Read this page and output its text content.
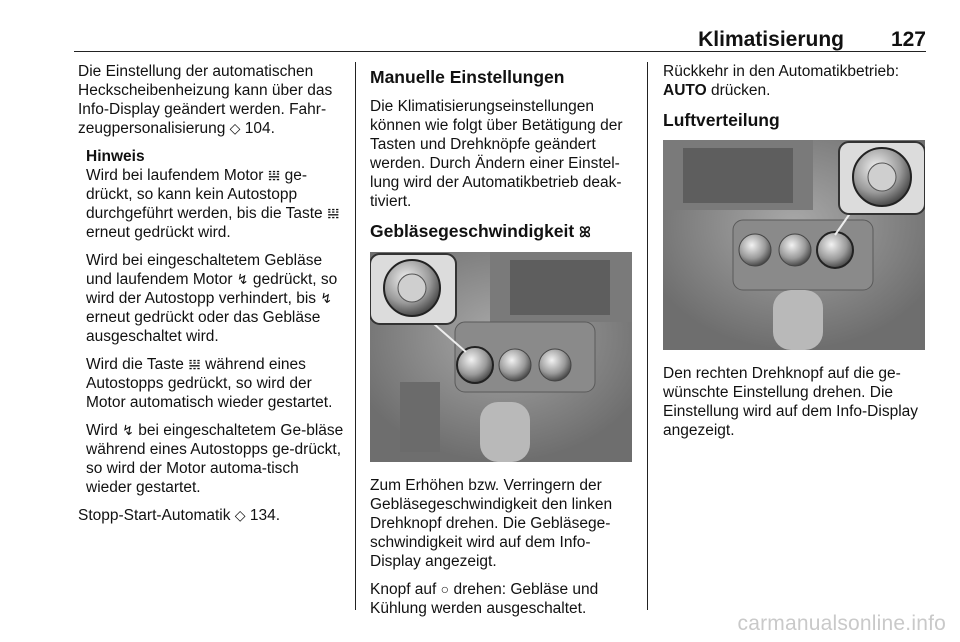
Klimatisierung 127

Die Einstellung der automatischen Heckscheibenheizung kann über das Info-Display geändert werden. Fahr-zeugpersonalisierung ◇ 104.

Hinweis

Wird bei laufendem Motor 𝍐 ge-drückt, so kann kein Autostopp durchgeführt werden, bis die Taste 𝍐 erneut gedrückt wird.

Wird bei eingeschaltetem Gebläse und laufendem Motor ↯ gedrückt, so wird der Autostopp verhindert, bis ↯ erneut gedrückt oder das Gebläse ausgeschaltet wird.

Wird die Taste 𝍐 während eines Autostopps gedrückt, so wird der Motor automatisch wieder gestartet.

Wird ↯ bei eingeschaltetem Ge-bläse während eines Autostopps ge-drückt, so wird der Motor automa-tisch wieder gestartet.

Stopp-Start-Automatik ◇ 134.

Manuelle Einstellungen

Die Klimatisierungseinstellungen können wie folgt über Betätigung der Tasten und Drehknöpfe geändert werden. Durch Ändern einer Einstel-lung wird der Automatikbetrieb deak-tiviert.

Gebläsegeschwindigkeit ꕤ

Zum Erhöhen bzw. Verringern der Gebläsegeschwindigkeit den linken Drehknopf drehen. Die Gebläsege-schwindigkeit wird auf dem Info-Display angezeigt.

Knopf auf ○ drehen: Gebläse und Kühlung werden ausgeschaltet.

Rückkehr in den Automatikbetrieb: AUTO drücken.

Luftverteilung

Den rechten Drehknopf auf die ge-wünschte Einstellung drehen. Die Einstellung wird auf dem Info-Display angezeigt.

carmanualsonline.info
